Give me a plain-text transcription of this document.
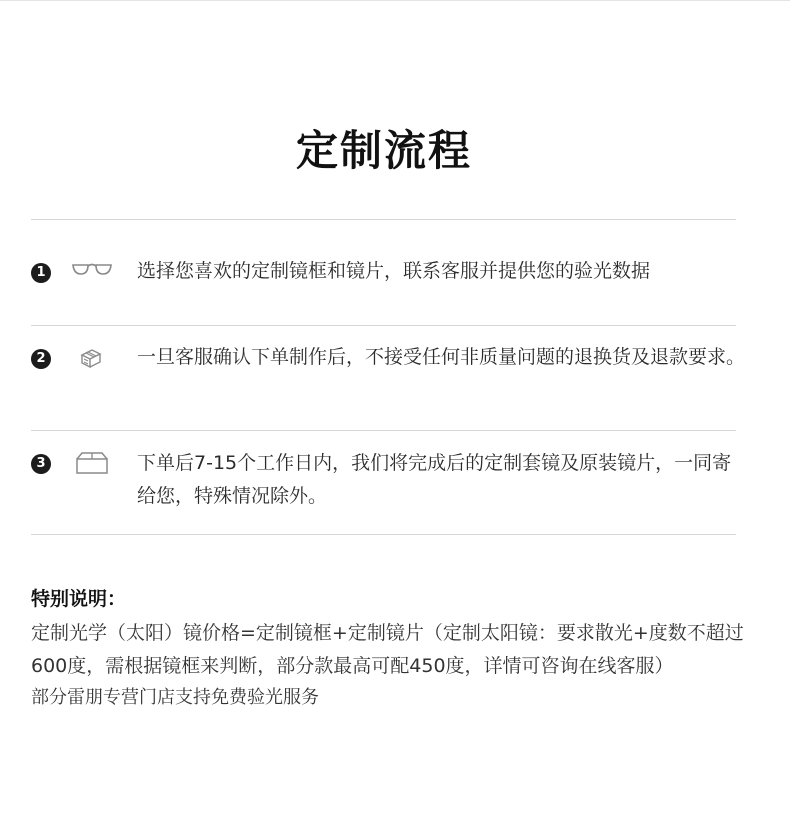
定制流程
1	选择您喜欢的定制镜框和镜片，联系客服并提供您的验光数据
2	一旦客服确认下单制作后，不接受任何非质量问题的退换货及退款要求。
3	下单后7-15个工作日内，我们将完成后的定制套镜及原装镜片，一同寄给您，特殊情况除外。
特别说明：
定制光学（太阳）镜价格=定制镜框+定制镜片（定制太阳镜：要求散光+度数不超过600度，需根据镜框来判断，部分款最高可配450度，详情可咨询在线客服）
部分雷朋专营门店支持免费验光服务
